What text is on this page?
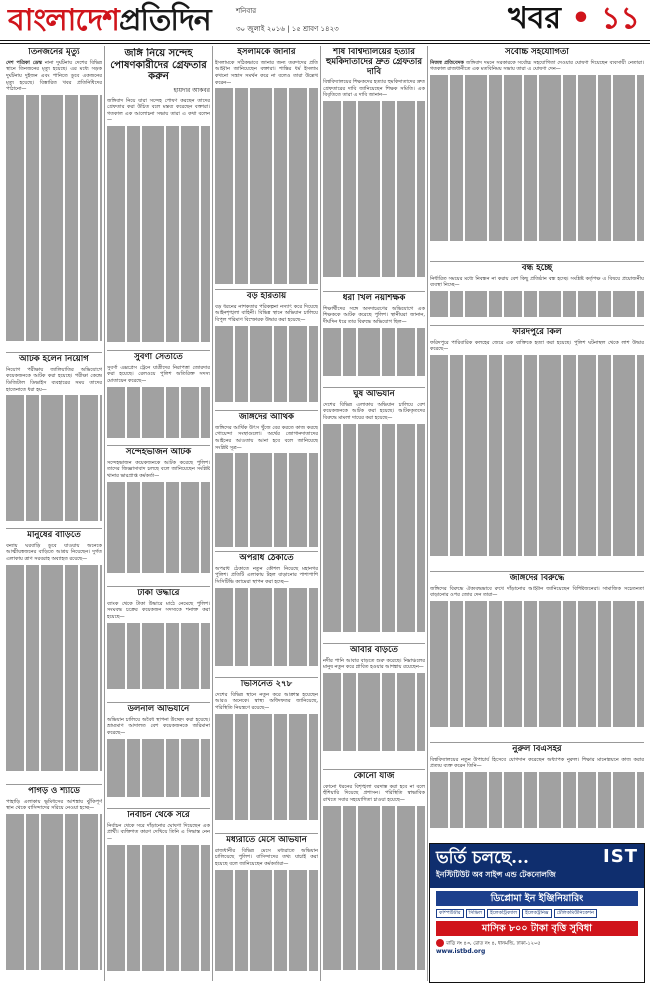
বাংলাদেশপ্রতিদিন	শনিবার
৩০ জুলাই ২০১৬ | ১৫ শ্রাবণ ১৪২৩	খবর • ১১
তিনজনের মৃত্যু
দেশ পত্রিকা ডেস্ক নানা দুর্ঘটনায় দেশের বিভিন্ন স্থানে তিনজনের মৃত্যু হয়েছে। এর মধ্যে সড়ক দুর্ঘটনায় দুইজন এবং পানিতে ডুবে একজনের মৃত্যু হয়েছে। বিস্তারিত খবর প্রতিনিধিদের পাঠানো—
আটক হলেন নিয়োগ
নিয়োগ পরীক্ষায় জালিয়াতির অভিযোগে কয়েকজনকে আটক করা হয়েছে। পরীক্ষা কেন্দ্রে ডিজিটাল ডিভাইস ব্যবহারের সময় তাদের হাতেনাতে ধরা হয়—
মানুষের বাড়িতে
বন্যায় ঘরবাড়ি ডুবে যাওয়ায় অনেকে আত্মীয়স্বজনের বাড়িতে আশ্রয় নিয়েছেন। দুর্গত এলাকায় ত্রাণ সরবরাহ অব্যাহত রয়েছে—
পাগড় ও শ্যাডে
পাহাড়ি এলাকায় ভূমিধসের আশঙ্কায় ঝুঁকিপূর্ণ স্থান থেকে বাসিন্দাদের সরিয়ে নেওয়া হচ্ছে—
জঙ্গি নিয়ে সন্দেহ পোষণকারীদের গ্রেফতার করুন
হায়দার আকবর
জঙ্গিবাদ নিয়ে যারা সন্দেহ পোষণ করছেন তাদের গ্রেফতার করা উচিত বলে মন্তব্য করেছেন বক্তারা। গতকাল এক আলোচনা সভায় তারা এ কথা বলেন—
সুবর্ণা সেতাতে
সুবর্ণা এক্সপ্রেস ট্রেনে যাত্রীদের নিরাপত্তা জোরদার করা হয়েছে। রেলওয়ে পুলিশ অতিরিক্ত সদস্য মোতায়েন করেছে—
সন্দেহভাজন আটক
সন্দেহভাজন কয়েকজনকে আটক করেছে পুলিশ। তাদের জিজ্ঞাসাবাদ চলছে বলে জানিয়েছেন সংশ্লিষ্ট থানার ভারপ্রাপ্ত কর্মকর্তা—
টাকা উদ্ধারে
ব্যাংক থেকে টাকা উদ্ধারে মাঠে নেমেছে পুলিশ। সংঘবদ্ধ চক্রের কয়েকজন সদস্যকে শনাক্ত করা হয়েছে—
ডলনাল অভিযানে
অভিযান চালিয়ে অবৈধ স্থাপনা উচ্ছেদ করা হয়েছে। ভ্রাম্যমাণ আদালত বেশ কয়েকজনকে জরিমানা করেছে—
নির্বাচন থেকে সরে
নির্বাচন থেকে সরে দাঁড়ানোর ঘোষণা দিয়েছেন এক প্রার্থী। ব্যক্তিগত কারণ দেখিয়ে তিনি এ সিদ্ধান্ত নেন—
ইসলামকে জানার
ইসলামকে সঠিকভাবে জানার জন্য তরুণদের প্রতি আহ্বান জানিয়েছেন বক্তারা। শান্তির ধর্ম ইসলাম কখনো সন্ত্রাস সমর্থন করে না বলেও তারা উল্লেখ করেন—
বড় হরিতায়
বড় ধরনের নাশকতার পরিকল্পনা নস্যাৎ করে দিয়েছে আইনশৃঙ্খলা বাহিনী। বিভিন্ন স্থানে অভিযান চালিয়ে বিপুল পরিমাণ বিস্ফোরক উদ্ধার করা হয়েছে—
জঙ্গিদের আর্থিক
জঙ্গিদের আর্থিক উৎস খুঁজে বের করতে কাজ করছে গোয়েন্দা সংস্থাগুলো। অর্থের জোগানদাতাদের আইনের আওতায় আনা হবে বলে জানিয়েছে সংশ্লিষ্ট সূত্র—
অপরাধ ঠেকাতে
অপরাধ ঠেকাতে নতুন কৌশল নিয়েছে মহানগর পুলিশ। প্রতিটি এলাকায় টহল বাড়ানোর পাশাপাশি সিসিটিভি ক্যামেরা স্থাপন করা হচ্ছে—
ভিসিনেত ২৭৮
দেশের বিভিন্ন স্থানে নতুন করে আক্রান্ত হয়েছেন আরও অনেকে। স্বাস্থ্য অধিদফতর জানিয়েছে, পরিস্থিতি নিয়ন্ত্রণে রয়েছে—
মধ্যরাতে মেসে অভিযান
রাজধানীর বিভিন্ন মেসে মধ্যরাতে অভিযান চালিয়েছে পুলিশ। বাসিন্দাদের তথ্য যাচাই করা হয়েছে বলে জানিয়েছেন কর্মকর্তারা—
শীর্ষ বিশ্বিদ্যালয়ের হত্যার হুমকিদাতাদের দ্রুত গ্রেফতার দাবি
বিশ্ববিদ্যালয়ের শিক্ষকদের হত্যার হুমকিদাতাদের দ্রুত গ্রেফতারের দাবি জানিয়েছেন শিক্ষক সমিতি। এক বিবৃতিতে তারা এ দাবি জানান—
ধরা খিল নয়শিক্ষক
শিক্ষার্থীদের সঙ্গে অসদাচরণের অভিযোগে এক শিক্ষককে আটক করেছে পুলিশ। স্থানীয়রা জানান, দীর্ঘদিন ধরে তার বিরুদ্ধে অভিযোগ ছিল—
ঘুষ অভিযান
দেশের বিভিন্ন এলাকায় অভিযান চালিয়ে বেশ কয়েকজনকে আটক করা হয়েছে। আটককৃতদের বিরুদ্ধে মামলা দায়ের করা হয়েছে—
আবার বাড়তে
নদীর পানি আবার বাড়তে শুরু করেছে। নিম্নাঞ্চলের মানুষ নতুন করে প্লাবিত হওয়ার আশঙ্কায় রয়েছেন—
কোনো যার্জ
কোনো ধরনের বিশৃঙ্খলা বরদাস্ত করা হবে না বলে হুঁশিয়ারি দিয়েছে প্রশাসন। পরিস্থিতি স্বাভাবিক রাখতে সবার সহযোগিতা চাওয়া হয়েছে—
সর্বোচ্চ সহযোগিতা
নিজস্ব প্রতিবেদক জঙ্গিবাদ দমনে সরকারকে সর্বোচ্চ সহযোগিতা দেওয়ার ঘোষণা দিয়েছেন ব্যবসায়ী নেতারা। গতকাল রাজধানীতে এক মতবিনিময় সভায় তারা এ ঘোষণা দেন—
বন্ধ হচ্ছে
নির্ধারিত সময়ের মধ্যে নিবন্ধন না করায় বেশ কিছু প্রতিষ্ঠান বন্ধ হচ্ছে। সংশ্লিষ্ট কর্তৃপক্ষ এ বিষয়ে প্রয়োজনীয় ব্যবস্থা নিচ্ছে—
ফরিদপুরে কিল
ফরিদপুরে পারিবারিক কলহের জেরে এক ব্যক্তিকে হত্যা করা হয়েছে। পুলিশ ঘটনাস্থল থেকে লাশ উদ্ধার করেছে—
জঙ্গিদের বিরুদ্ধে
জঙ্গিদের বিরুদ্ধে ঐক্যবদ্ধভাবে রুখে দাঁড়ানোর আহ্বান জানিয়েছেন বিশিষ্টজনেরা। সামাজিক সচেতনতা বাড়ানোর ওপর জোর দেন তারা—
নুরুল বিএসইর
বিশ্ববিদ্যালয়ের নতুন উপাচার্য হিসেবে যোগদান করেছেন অধ্যাপক নুরুল। শিক্ষার মানোন্নয়নে কাজ করার প্রত্যয় ব্যক্ত করেন তিনি—
ভর্তি চলছে...	IST
ইনস্টিটিউট অব সাইন্স এন্ড টেকনোলজি
ডিপ্লোমা ইন ইঞ্জিনিয়ারিং
কম্পিউটার	সিভিল	ইলেকট্রিক্যাল	ইলেকট্রনিক্স	টেলিকমিউনিকেশন
মাসিক ৮০০ টাকা বৃত্তি সুবিধা
বাড়ি নং ৪৩, রোড নং ৪, ধানমন্ডি, ঢাকা-১২০৫
www.istbd.org
